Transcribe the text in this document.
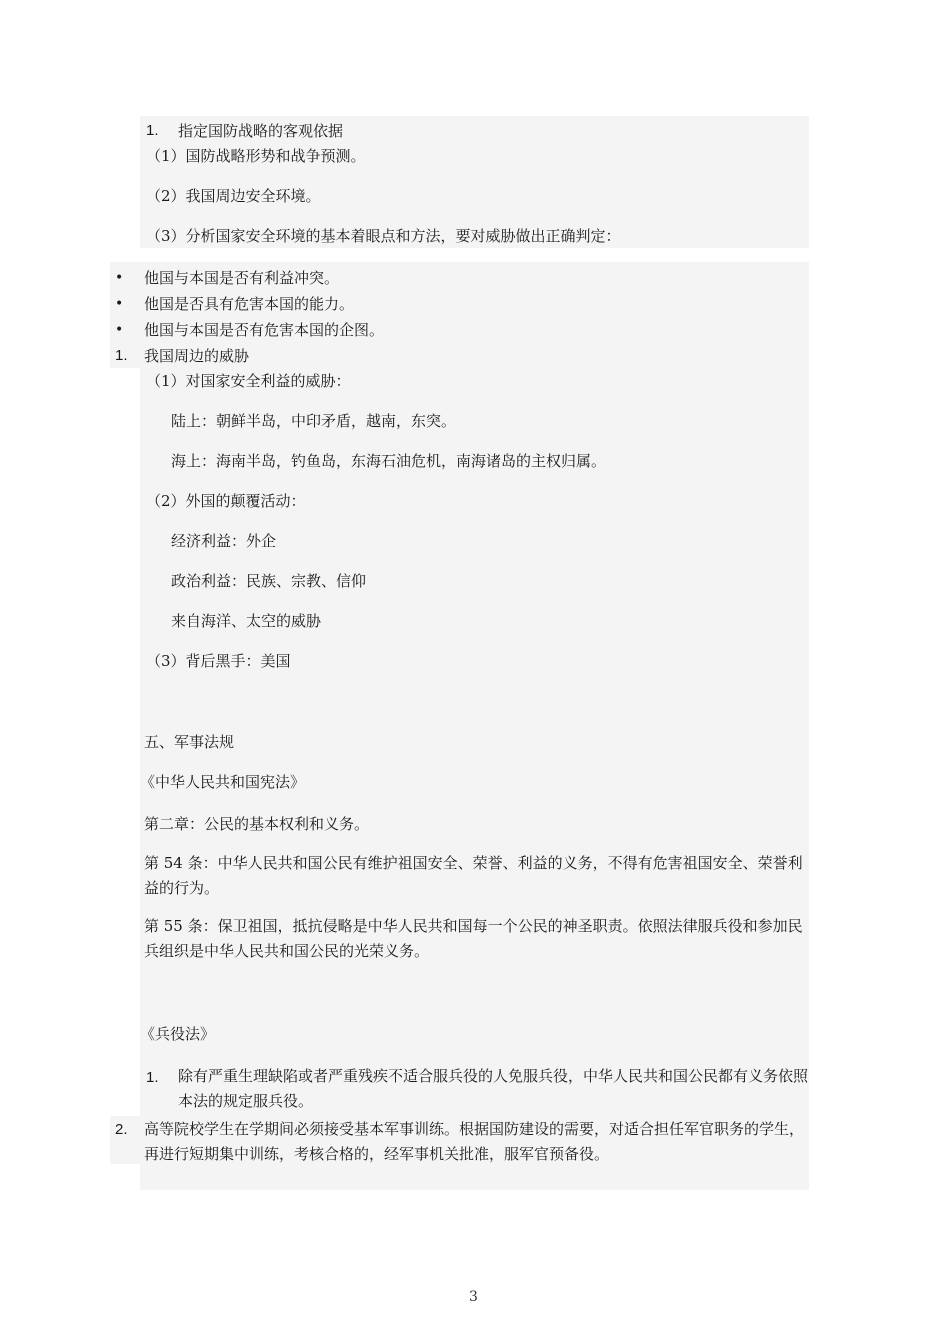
1. 指定国防战略的客观依据
（1）国防战略形势和战争预测。
（2）我国周边安全环境。
（3）分析国家安全环境的基本着眼点和方法，要对威胁做出正确判定：
• 他国与本国是否有利益冲突。
• 他国是否具有危害本国的能力。
• 他国与本国是否有危害本国的企图。
1. 我国周边的威胁
（1）对国家安全利益的威胁：
陆上：朝鲜半岛，中印矛盾，越南，东突。
海上：海南半岛，钓鱼岛，东海石油危机，南海诸岛的主权归属。
（2）外国的颠覆活动：
经济利益：外企
政治利益：民族、宗教、信仰
来自海洋、太空的威胁
（3）背后黑手：美国
五、军事法规
《中华人民共和国宪法》
第二章：公民的基本权利和义务。
第 54 条：中华人民共和国公民有维护祖国安全、荣誉、利益的义务，不得有危害祖国安全、荣誉利益的行为。
第 55 条：保卫祖国，抵抗侵略是中华人民共和国每一个公民的神圣职责。依照法律服兵役和参加民兵组织是中华人民共和国公民的光荣义务。
《兵役法》
1. 除有严重生理缺陷或者严重残疾不适合服兵役的人免服兵役，中华人民共和国公民都有义务依照本法的规定服兵役。
2. 高等院校学生在学期间必须接受基本军事训练。根据国防建设的需要，对适合担任军官职务的学生，再进行短期集中训练，考核合格的，经军事机关批准，服军官预备役。
3
